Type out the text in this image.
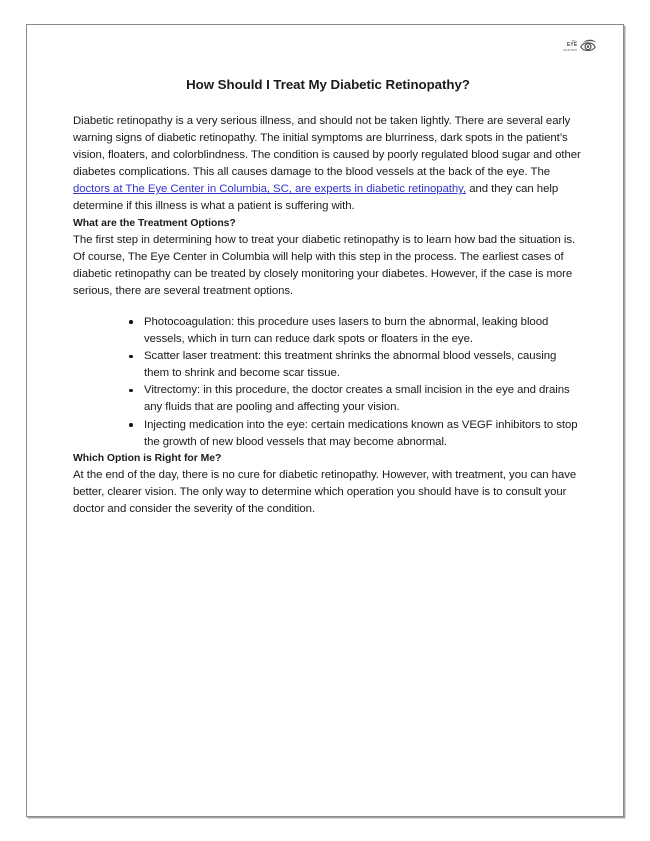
The
EYE
CENTER
How Should I Treat My Diabetic Retinopathy?

Diabetic retinopathy is a very serious illness, and should not be taken lightly. There are several early warning signs of diabetic retinopathy. The initial symptoms are blurriness, dark spots in the patient’s vision, floaters, and colorblindness. The condition is caused by poorly regulated blood sugar and other diabetes complications. This all causes damage to the blood vessels at the back of the eye. The doctors at The Eye Center in Columbia, SC, are experts in diabetic retinopathy, and they can help determine if this illness is what a patient is suffering with.

What are the Treatment Options?

The first step in determining how to treat your diabetic retinopathy is to learn how bad the situation is. Of course, The Eye Center in Columbia will help with this step in the process. The earliest cases of diabetic retinopathy can be treated by closely monitoring your diabetes. However, if the case is more serious, there are several treatment options.

Photocoagulation: this procedure uses lasers to burn the abnormal, leaking blood vessels, which in turn can reduce dark spots or floaters in the eye.
Scatter laser treatment: this treatment shrinks the abnormal blood vessels, causing them to shrink and become scar tissue.
Vitrectomy: in this procedure, the doctor creates a small incision in the eye and drains any fluids that are pooling and affecting your vision.
Injecting medication into the eye: certain medications known as VEGF inhibitors to stop the growth of new blood vessels that may become abnormal.

Which Option is Right for Me?

At the end of the day, there is no cure for diabetic retinopathy. However, with treatment, you can have better, clearer vision. The only way to determine which operation you should have is to consult your doctor and consider the severity of the condition.
